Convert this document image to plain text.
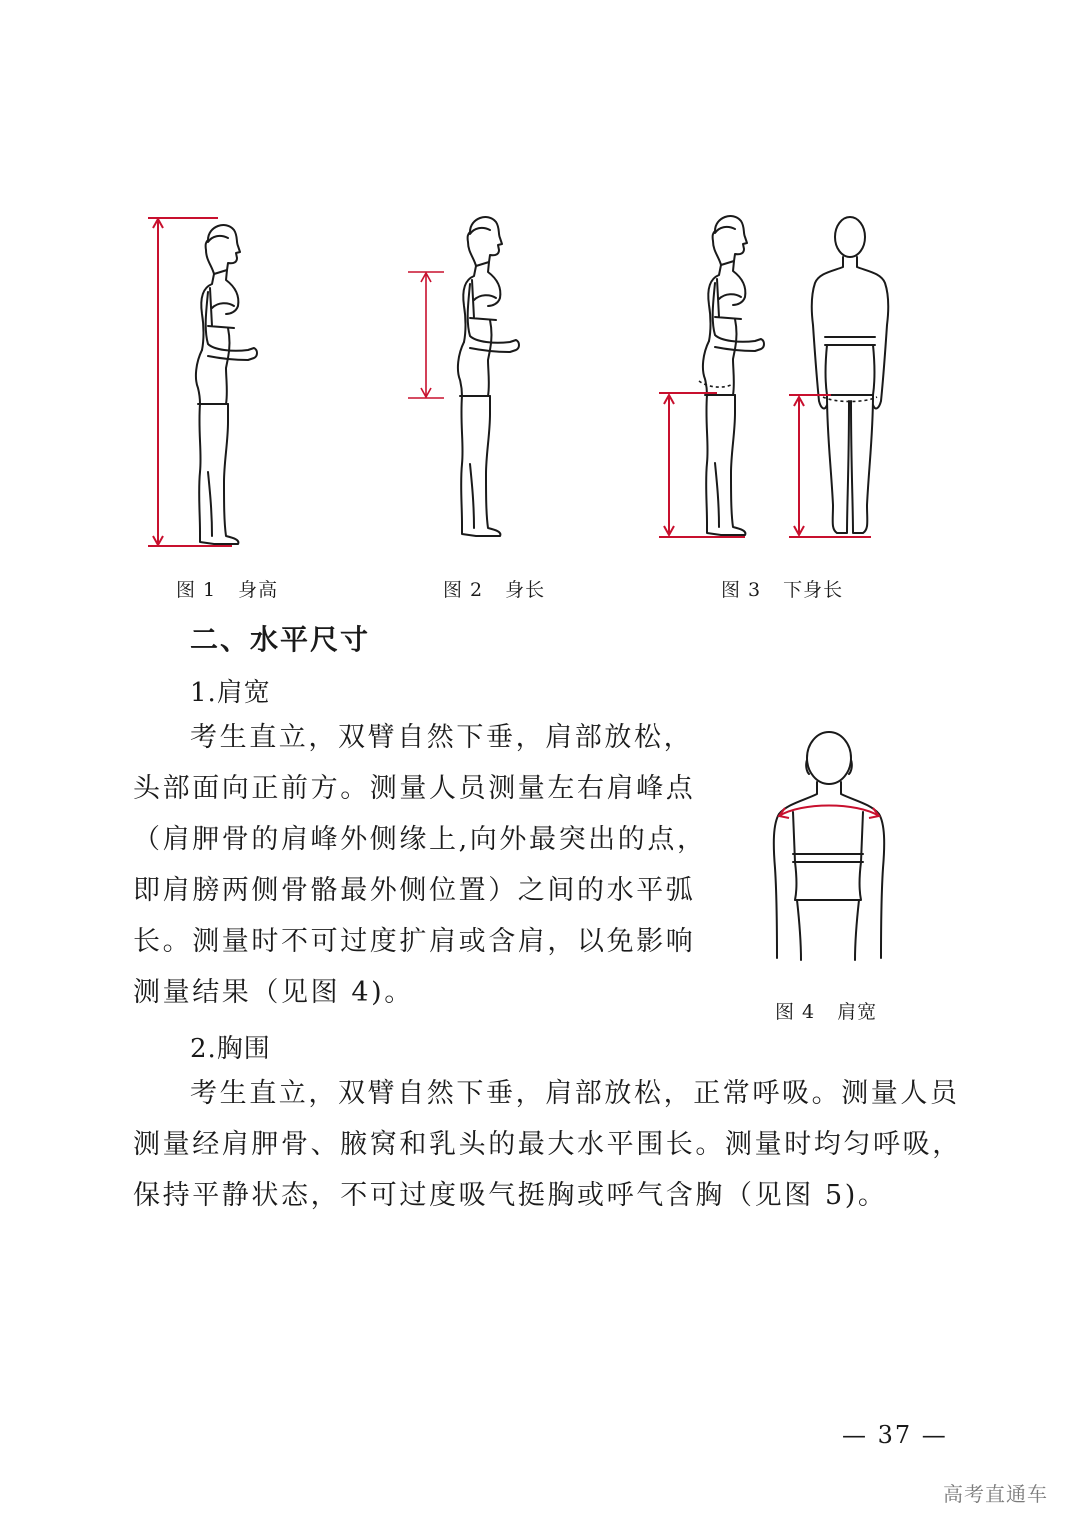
图 1 身高	图 2 身长	图 3 下身长
二、水平尺寸
1.肩宽
考生直立，双臂自然下垂，肩部放松，
头部面向正前方。测量人员测量左右肩峰点
（肩胛骨的肩峰外侧缘上,向外最突出的点，
即肩膀两侧骨骼最外侧位置）之间的水平弧
长。测量时不可过度扩肩或含肩，以免影响
测量结果（见图 4)。
图 4 肩宽
2.胸围
考生直立，双臂自然下垂，肩部放松，正常呼吸。测量人员
测量经肩胛骨、腋窝和乳头的最大水平围长。测量时均匀呼吸，
保持平静状态，不可过度吸气挺胸或呼气含胸（见图 5)。
— 37 —
高考直通车
